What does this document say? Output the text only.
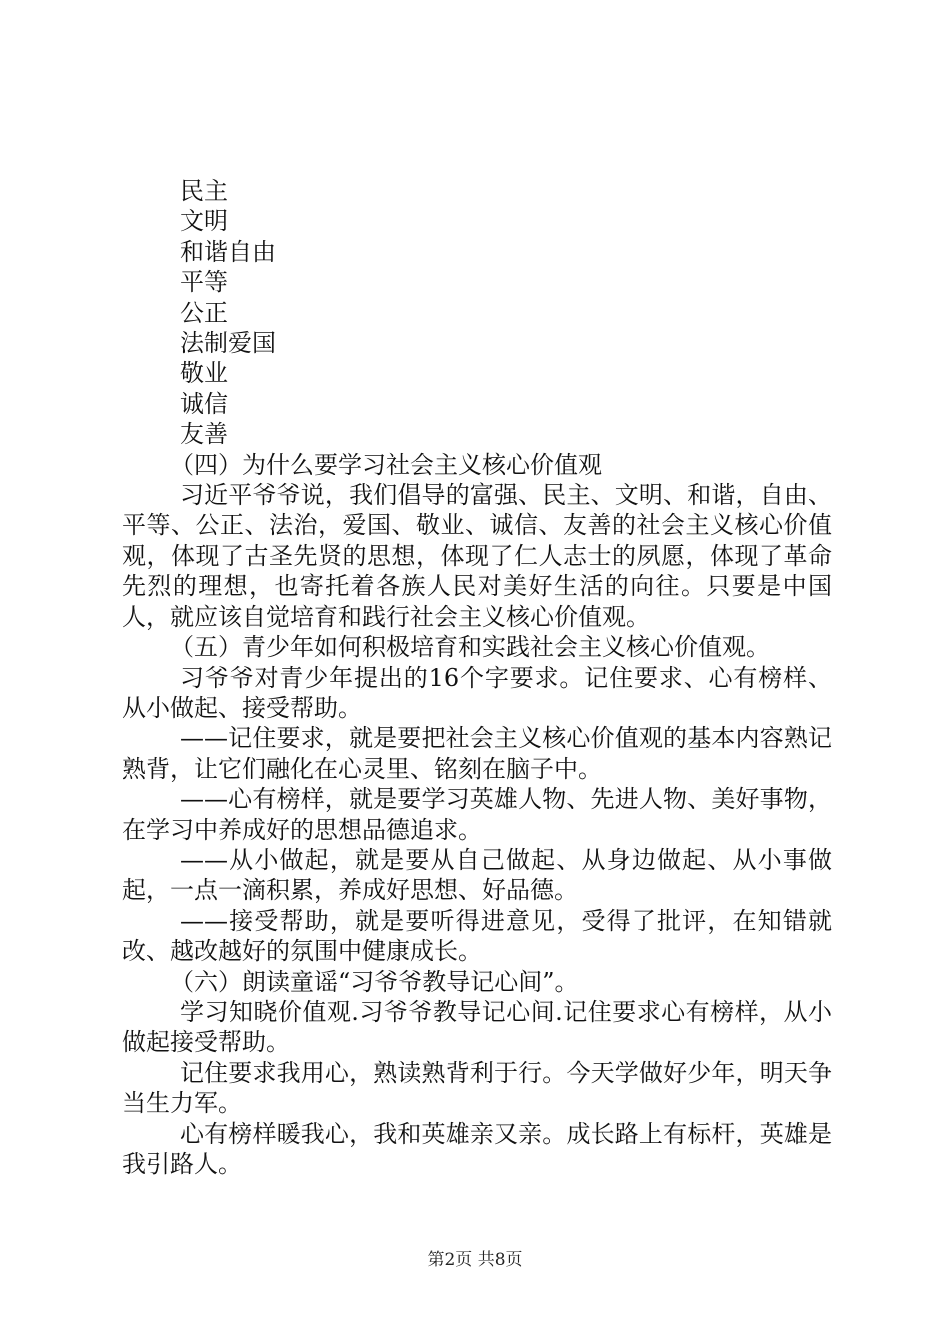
民主
文明
和谐自由
平等
公正
法制爱国
敬业
诚信
友善
（四）为什么要学习社会主义核心价值观

习近平爷爷说，我们倡导的富强、民主、文明、和谐，自由、平等、公正、法治，爱国、敬业、诚信、友善的社会主义核心价值观，体现了古圣先贤的思想，体现了仁人志士的夙愿，体现了革命先烈的理想，也寄托着各族人民对美好生活的向往。只要是中国人，就应该自觉培育和践行社会主义核心价值观。

（五）青少年如何积极培育和实践社会主义核心价值观。

习爷爷对青少年提出的16个字要求。记住要求、心有榜样、从小做起、接受帮助。

——记住要求，就是要把社会主义核心价值观的基本内容熟记熟背，让它们融化在心灵里、铭刻在脑子中。

——心有榜样，就是要学习英雄人物、先进人物、美好事物，在学习中养成好的思想品德追求。

——从小做起，就是要从自己做起、从身边做起、从小事做起，一点一滴积累，养成好思想、好品德。

——接受帮助，就是要听得进意见，受得了批评，在知错就改、越改越好的氛围中健康成长。

（六）朗读童谣“习爷爷教导记心间”。

学习知晓价值观.习爷爷教导记心间.记住要求心有榜样，从小做起接受帮助。

记住要求我用心，熟读熟背利于行。今天学做好少年，明天争当生力军。

心有榜样暖我心，我和英雄亲又亲。成长路上有标杆，英雄是我引路人。

第2页 共8页
